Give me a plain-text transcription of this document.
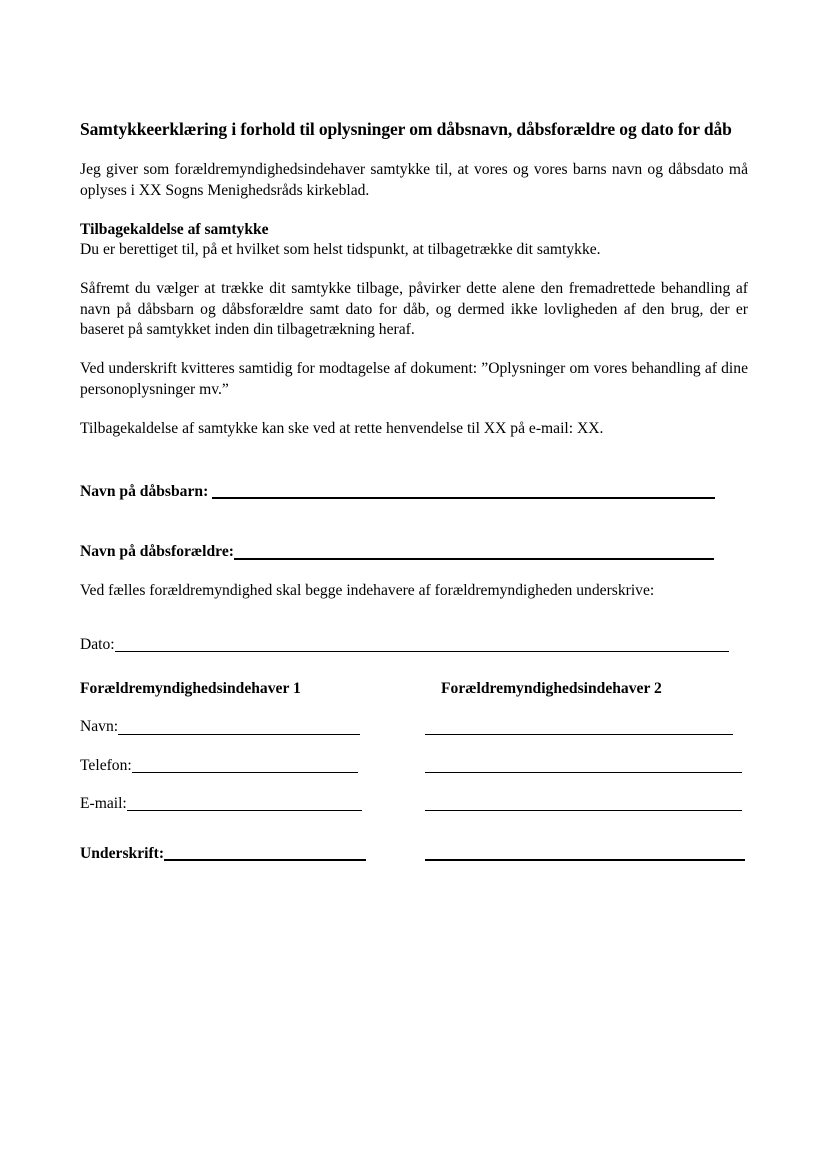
Samtykkeerklæring i forhold til oplysninger om dåbsnavn, dåbsforældre og dato for dåb

Jeg giver som forældremyndighedsindehaver samtykke til, at vores og vores barns navn og dåbsdato må oplyses i XX Sogns Menighedsråds kirkeblad.

Tilbagekaldelse af samtykke
Du er berettiget til, på et hvilket som helst tidspunkt, at tilbagetrække dit samtykke.

Såfremt du vælger at trække dit samtykke tilbage, påvirker dette alene den fremadrettede behandling af navn på dåbsbarn og dåbsforældre samt dato for dåb, og dermed ikke lovligheden af den brug, der er baseret på samtykket inden din tilbagetrækning heraf.

Ved underskrift kvitteres samtidig for modtagelse af dokument: ”Oplysninger om vores behandling af dine personoplysninger mv.”

Tilbagekaldelse af samtykke kan ske ved at rette henvendelse til XX på e-mail: XX.

Navn på dåbsbarn:
Navn på dåbsforældre:

Ved fælles forældremyndighed skal begge indehavere af forældremyndigheden underskrive:

Dato:
Forældremyndighedsindehaver 1	Forældremyndighedsindehaver 2
Navn:
Telefon:
E-mail:
Underskrift:
